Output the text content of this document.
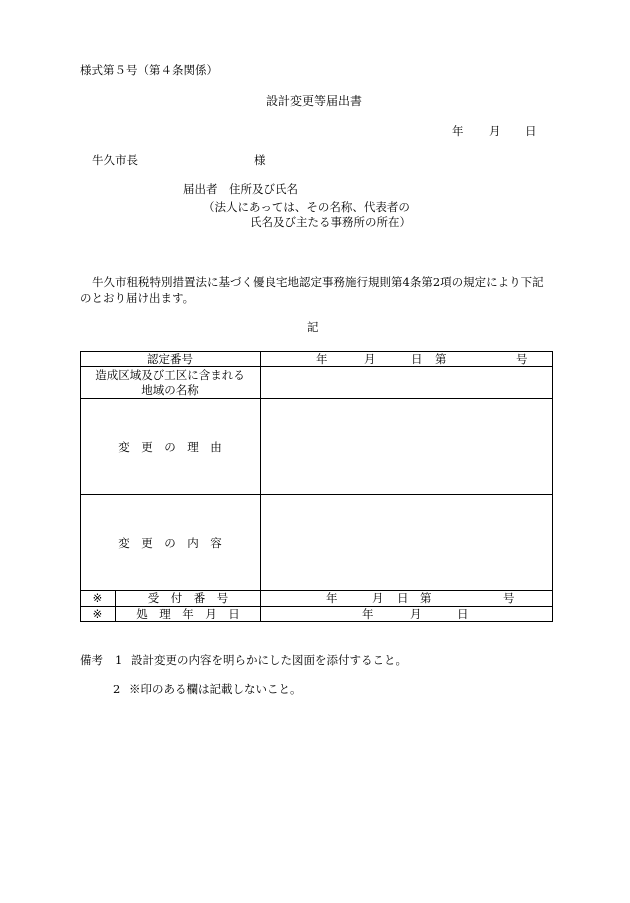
様式第５号（第４条関係）
設計変更等届出書
年 月 日
牛久市長	様
届出者　住所及び氏名
（法人にあっては、その名称、代表者の
氏名及び主たる事務所の所在）
牛久市租税特別措置法に基づく優良宅地認定事務施行規則第4条第2項の規定により下記
のとおり届け出ます。
記
認定番号	年	月	日 第	号
造成区域及び工区に含まれる
地域の名称
変　更　の　理　由
変　更　の　内　容
※	受　付　番　号	年	月 日 第	号
※	処　理　年　月　日	年	月	日
備考 1 設計変更の内容を明らかにした図面を添付すること。
2 ※印のある欄は記載しないこと。
